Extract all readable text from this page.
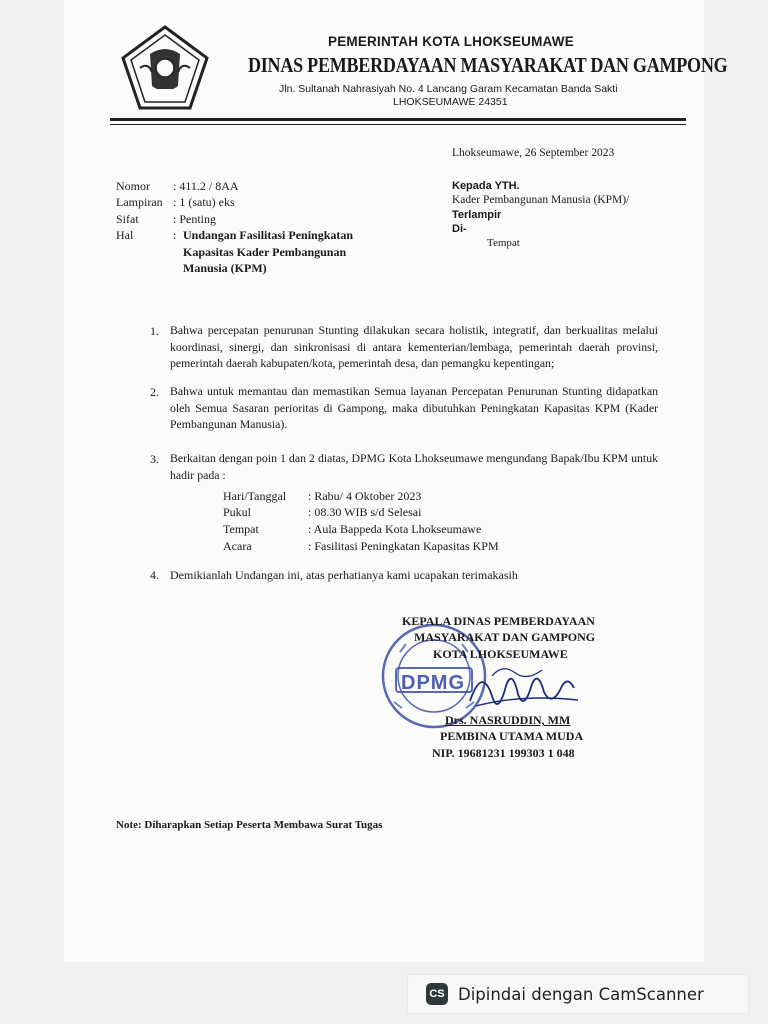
PEMERINTAH KOTA LHOKSEUMAWE
DINAS PEMBERDAYAAN MASYARAKAT DAN GAMPONG
Jln. Sultanah Nahrasiyah No. 4 Lancang Garam Kecamatan Banda Sakti
LHOKSEUMAWE 24351
Lhokseumawe, 26 September 2023
Nomor : 411.2 / 8AA
Lampiran : 1 (satu) eks
Sifat	: Penting
Hal	: Undangan Fasilitasi Peningkatan
Kapasitas Kader Pembangunan
Manusia (KPM)
Kepada YTH.
Kader Pembangunan Manusia (KPM)/
Terlampir
Di-
Tempat
1. Bahwa percepatan penurunan Stunting dilakukan secara holistik, integratif, dan berkualitas melalui koordinasi, sinergi, dan sinkronisasi di antara kementerian/lembaga, pemerintah daerah provinsi, pemerintah daerah kabupaten/kota, pemerintah desa, dan pemangku kepentingan;
2. Bahwa untuk memantau dan memastikan Semua layanan Percepatan Penurunan Stunting didapatkan oleh Semua Sasaran perioritas di Gampong, maka dibutuhkan Peningkatan Kapasitas KPM (Kader Pembangunan Manusia).
3. Berkaitan dengan poin 1 dan 2 diatas, DPMG Kota Lhokseumawe mengundang Bapak/Ibu KPM untuk hadir pada :
Hari/Tanggal : Rabu/ 4 Oktober 2023
Pukul	: 08.30 WIB s/d Selesai
Tempat	: Aula Bappeda Kota Lhokseumawe
Acara	: Fasilitasi Peningkatan Kapasitas KPM
4. Demikianlah Undangan ini, atas perhatianya kami ucapakan terimakasih
DPMG
KEPALA DINAS PEMBERDAYAAN
MASYARAKAT DAN GAMPONG
KOTA LHOKSEUMAWE
Drs. NASRUDDIN, MM
PEMBINA UTAMA MUDA
NIP. 19681231 199303 1 048
Note: Diharapkan Setiap Peserta Membawa Surat Tugas
CS Dipindai dengan CamScanner
